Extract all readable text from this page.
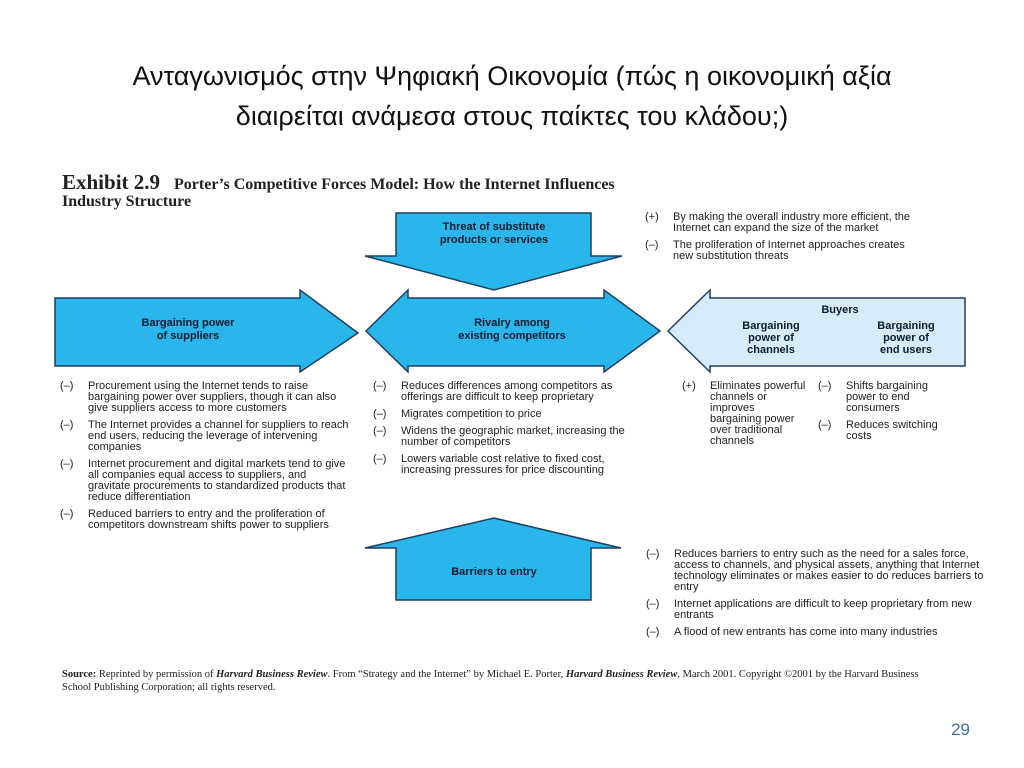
Ανταγωνισμός στην Ψηφιακή Οικονομία (πώς η οικονομική αξία
διαιρείται ανάμεσα στους παίκτες του κλάδου;)
Exhibit 2.9 Porter’s Competitive Forces Model: How the Internet Influences
Industry Structure
Threat of substitute
products or services
Bargaining power
of suppliers
Rivalry among
existing competitors
Buyers
Bargaining
power of
channels
Bargaining
power of
end users
Barriers to entry
(+)	By making the overall industry more efficient, the Internet can expand the size of the market
(–)	The proliferation of Internet approaches creates new substitution threats
(–)	Procurement using the Internet tends to raise bargaining power over suppliers, though it can also give suppliers access to more customers
(–)	The Internet provides a channel for suppliers to reach end users, reducing the leverage of intervening companies
(–)	Internet procurement and digital markets tend to give all companies equal access to suppliers, and gravitate procurements to standardized products that reduce differentiation
(–)	Reduced barriers to entry and the proliferation of competitors downstream shifts power to suppliers
(–)	Reduces differences among competitors as offerings are difficult to keep proprietary
(–)	Migrates competition to price
(–)	Widens the geographic market, increasing the number of competitors
(–)	Lowers variable cost relative to fixed cost, increasing pressures for price discounting
(+)	Eliminates powerful channels or improves bargaining power over traditional channels
(–)	Shifts bargaining power to end consumers
(–)	Reduces switching costs
(–)	Reduces barriers to entry such as the need for a sales force, access to channels, and physical assets, anything that Internet technology eliminates or makes easier to do reduces barriers to entry
(–)	Internet applications are difficult to keep proprietary from new entrants
(–)	A flood of new entrants has come into many industries
Source: Reprinted by permission of Harvard Business Review. From “Strategy and the Internet” by Michael E. Porter, Harvard Business Review, March 2001. Copyright ©2001 by the Harvard Business School Publishing Corporation; all rights reserved.
29
